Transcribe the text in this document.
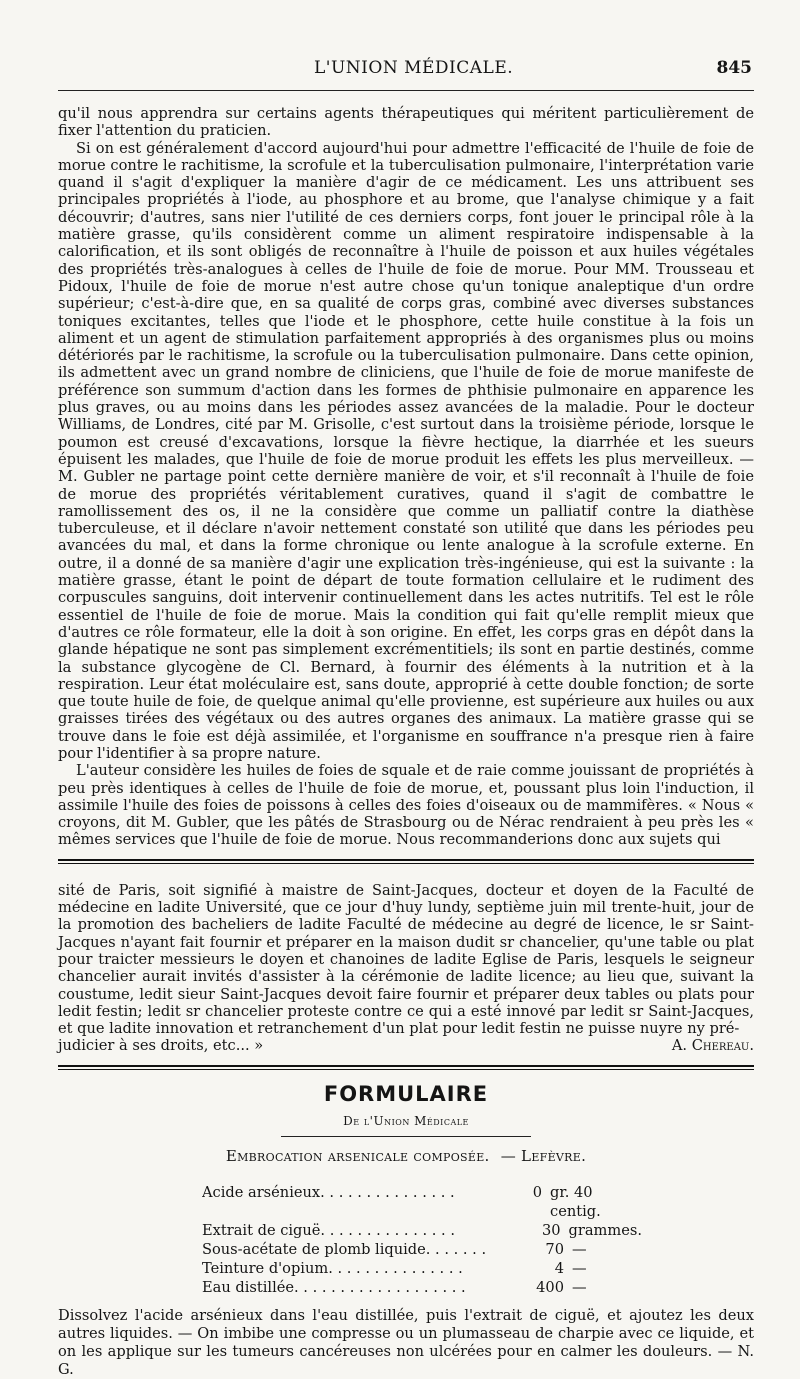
L'UNION MÉDICALE.	845

qu'il nous apprendra sur certains agents thérapeutiques qui méritent particulièrement de fixer l'attention du praticien.

Si on est généralement d'accord aujourd'hui pour admettre l'efficacité de l'huile de foie de morue contre le rachitisme, la scrofule et la tuberculisation pulmonaire, l'interprétation varie quand il s'agit d'expliquer la manière d'agir de ce médicament. Les uns attribuent ses principales propriétés à l'iode, au phosphore et au brome, que l'analyse chimique y a fait découvrir; d'autres, sans nier l'utilité de ces derniers corps, font jouer le principal rôle à la matière grasse, qu'ils considèrent comme un aliment respiratoire indispensable à la calorification, et ils sont obligés de reconnaître à l'huile de poisson et aux huiles végétales des propriétés très-analogues à celles de l'huile de foie de morue. Pour MM. Trousseau et Pidoux, l'huile de foie de morue n'est autre chose qu'un tonique analeptique d'un ordre supérieur; c'est-à-dire que, en sa qualité de corps gras, combiné avec diverses substances toniques excitantes, telles que l'iode et le phosphore, cette huile constitue à la fois un aliment et un agent de stimulation parfaitement appropriés à des organismes plus ou moins détériorés par le rachitisme, la scrofule ou la tuberculisation pulmonaire. Dans cette opinion, ils admettent avec un grand nombre de cliniciens, que l'huile de foie de morue manifeste de préférence son summum d'action dans les formes de phthisie pulmonaire en apparence les plus graves, ou au moins dans les périodes assez avancées de la maladie. Pour le docteur Williams, de Londres, cité par M. Grisolle, c'est surtout dans la troisième période, lorsque le poumon est creusé d'excavations, lorsque la fièvre hectique, la diarrhée et les sueurs épuisent les malades, que l'huile de foie de morue produit les effets les plus merveilleux. — M. Gubler ne partage point cette dernière manière de voir, et s'il reconnaît à l'huile de foie de morue des propriétés véritablement curatives, quand il s'agit de combattre le ramollissement des os, il ne la considère que comme un palliatif contre la diathèse tuberculeuse, et il déclare n'avoir nettement constaté son utilité que dans les périodes peu avancées du mal, et dans la forme chronique ou lente analogue à la scrofule externe. En outre, il a donné de sa manière d'agir une explication très-ingénieuse, qui est la suivante : la matière grasse, étant le point de départ de toute formation cellulaire et le rudiment des corpuscules sanguins, doit intervenir continuellement dans les actes nutritifs. Tel est le rôle essentiel de l'huile de foie de morue. Mais la condition qui fait qu'elle remplit mieux que d'autres ce rôle formateur, elle la doit à son origine. En effet, les corps gras en dépôt dans la glande hépatique ne sont pas simplement excrémentitiels; ils sont en partie destinés, comme la substance glycogène de Cl. Bernard, à fournir des éléments à la nutrition et à la respiration. Leur état moléculaire est, sans doute, approprié à cette double fonction; de sorte que toute huile de foie, de quelque animal qu'elle provienne, est supérieure aux huiles ou aux graisses tirées des végétaux ou des autres organes des animaux. La matière grasse qui se trouve dans le foie est déjà assimilée, et l'organisme en souffrance n'a presque rien à faire pour l'identifier à sa propre nature.

L'auteur considère les huiles de foies de squale et de raie comme jouissant de propriétés à peu près identiques à celles de l'huile de foie de morue, et, poussant plus loin l'induction, il assimile l'huile des foies de poissons à celles des foies d'oiseaux ou de mammifères. « Nous « croyons, dit M. Gubler, que les pâtés de Strasbourg ou de Nérac rendraient à peu près les « mêmes services que l'huile de foie de morue. Nous recommanderions donc aux sujets qui

sité de Paris, soit signifié à maistre de Saint-Jacques, docteur et doyen de la Faculté de médecine en ladite Université, que ce jour d'huy lundy, septième juin mil trente-huit, jour de la promotion des bacheliers de ladite Faculté de médecine au degré de licence, le sr Saint-Jacques n'ayant fait fournir et préparer en la maison dudit sr chancelier, qu'une table ou plat pour traicter messieurs le doyen et chanoines de ladite Eglise de Paris, lesquels le seigneur chancelier aurait invités d'assister à la cérémonie de ladite licence; au lieu que, suivant la coustume, ledit sieur Saint-Jacques devoit faire fournir et préparer deux tables ou plats pour ledit festin; ledit sr chancelier proteste contre ce qui a esté innové par ledit sr Saint-Jacques, et que ladite innovation et retranchement d'un plat pour ledit festin ne puisse nuyre ny pré-

judicier à ses droits, etc... »	A. Chereau.
FORMULAIRE
De l'Union Médicale
Embrocation arsenicale composée. — Lefèvre.
Acide arsénieux. . . . . . . . . . . . . . .	0 gr. 40 centig.
Extrait de ciguë. . . . . . . . . . . . . . .	30 grammes.
Sous-acétate de plomb liquide. . . . . . .	70 —
Teinture d'opium. . . . . . . . . . . . . . .	4 —
Eau distillée. . . . . . . . . . . . . . . . . . .	400 —
Dissolvez l'acide arsénieux dans l'eau distillée, puis l'extrait de ciguë, et ajoutez les deux autres liquides. — On imbibe une compresse ou un plumasseau de charpie avec ce liquide, et on les applique sur les tumeurs cancéreuses non ulcérées pour en calmer les douleurs. — N. G.
